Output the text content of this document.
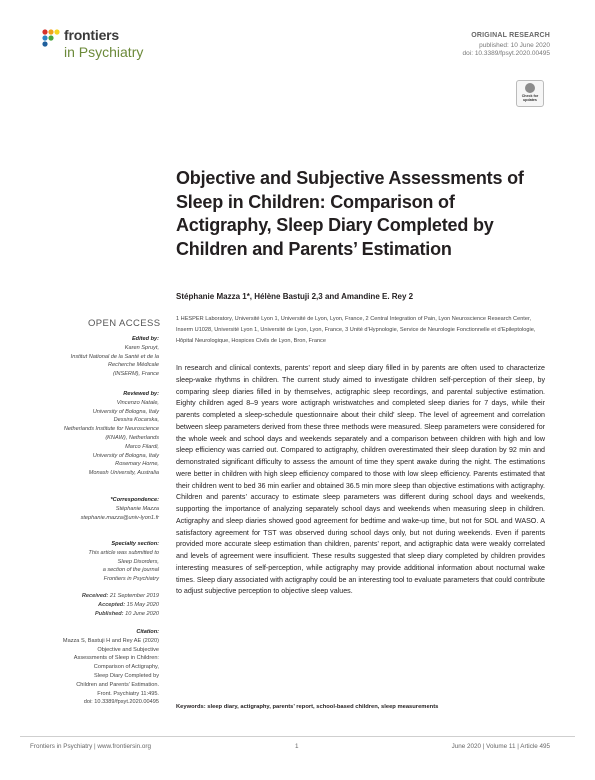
frontiers
in Psychiatry
ORIGINAL RESEARCH
published: 10 June 2020
doi: 10.3389/fpsyt.2020.00495
Check for updates
Objective and Subjective Assessments of Sleep in Children: Comparison of Actigraphy, Sleep Diary Completed by Children and Parents’ Estimation
Stéphanie Mazza 1*, Hélène Bastuji 2,3 and Amandine E. Rey 2
1 HESPER Laboratory, Université Lyon 1, Université de Lyon, Lyon, France, 2 Central Integration of Pain, Lyon Neuroscience Research Center, Inserm U1028, Université Lyon 1, Université de Lyon, Lyon, France, 3 Unité d’Hypnologie, Service de Neurologie Fonctionnelle et d’Epileptologie, Hôpital Neurologique, Hospices Civils de Lyon, Bron, France
OPEN ACCESS
Edited by:
Karen Spruyt,
Institut National de la Santé et de la
Recherche Médicale
(INSERM), France
Reviewed by:
Vincenzo Natale,
University of Bologna, Italy
Dessira Kocarska,
Netherlands Institute for Neuroscience
(KNAW), Netherlands
Marco Filardi,
University of Bologna, Italy
Rosemary Horne,
Monash University, Australia
*Correspondence:
Stéphanie Mazza
stephanie.mazza@univ-lyon1.fr
Specialty section:
This article was submitted to
Sleep Disorders,
a section of the journal
Frontiers in Psychiatry
Received: 21 September 2019
Accepted: 15 May 2020
Published: 10 June 2020
Citation:
Mazza S, Bastuji H and Rey AE (2020)
Objective and Subjective
Assessments of Sleep in Children:
Comparison of Actigraphy,
Sleep Diary Completed by
Children and Parents’ Estimation.
Front. Psychiatry 11:495.
doi: 10.3389/fpsyt.2020.00495
In research and clinical contexts, parents’ report and sleep diary filled in by parents are often used to characterize sleep-wake rhythms in children. The current study aimed to investigate children self-perception of their sleep, by comparing sleep diaries filled in by themselves, actigraphic sleep recordings, and parental subjective estimation. Eighty children aged 8–9 years wore actigraph wristwatches and completed sleep diaries for 7 days, while their parents completed a sleep-schedule questionnaire about their child’ sleep. The level of agreement and correlation between sleep parameters derived from these three methods were measured. Sleep parameters were considered for the whole week and school days and weekends separately and a comparison between children with high and low sleep efficiency was carried out. Compared to actigraphy, children overestimated their sleep duration by 92 min and demonstrated significant difficulty to assess the amount of time they spent awake during the night. The estimations were better in children with high sleep efficiency compared to those with low sleep efficiency. Parents estimated that their children went to bed 36 min earlier and obtained 36.5 min more sleep than objective estimations with actigraphy. Children and parents’ accuracy to estimate sleep parameters was different during school days and weekends, supporting the importance of analyzing separately school days and weekends when measuring sleep in children. Actigraphy and sleep diaries showed good agreement for bedtime and wake-up time, but not for SOL and WASO. A satisfactory agreement for TST was observed during school days only, but not during weekends. Even if parents provided more accurate sleep estimation than children, parents’ report, and actigraphic data were weakly correlated and levels of agreement were insufficient. These results suggested that sleep diary completed by children provides interesting measures of self-perception, while actigraphy may provide additional information about nocturnal wake times. Sleep diary associated with actigraphy could be an interesting tool to evaluate parameters that could contribute to adjust subjective perception to objective sleep values.
Keywords: sleep diary, actigraphy, parents’ report, school-based children, sleep measurements
Frontiers in Psychiatry | www.frontiersin.org	1	June 2020 | Volume 11 | Article 495
